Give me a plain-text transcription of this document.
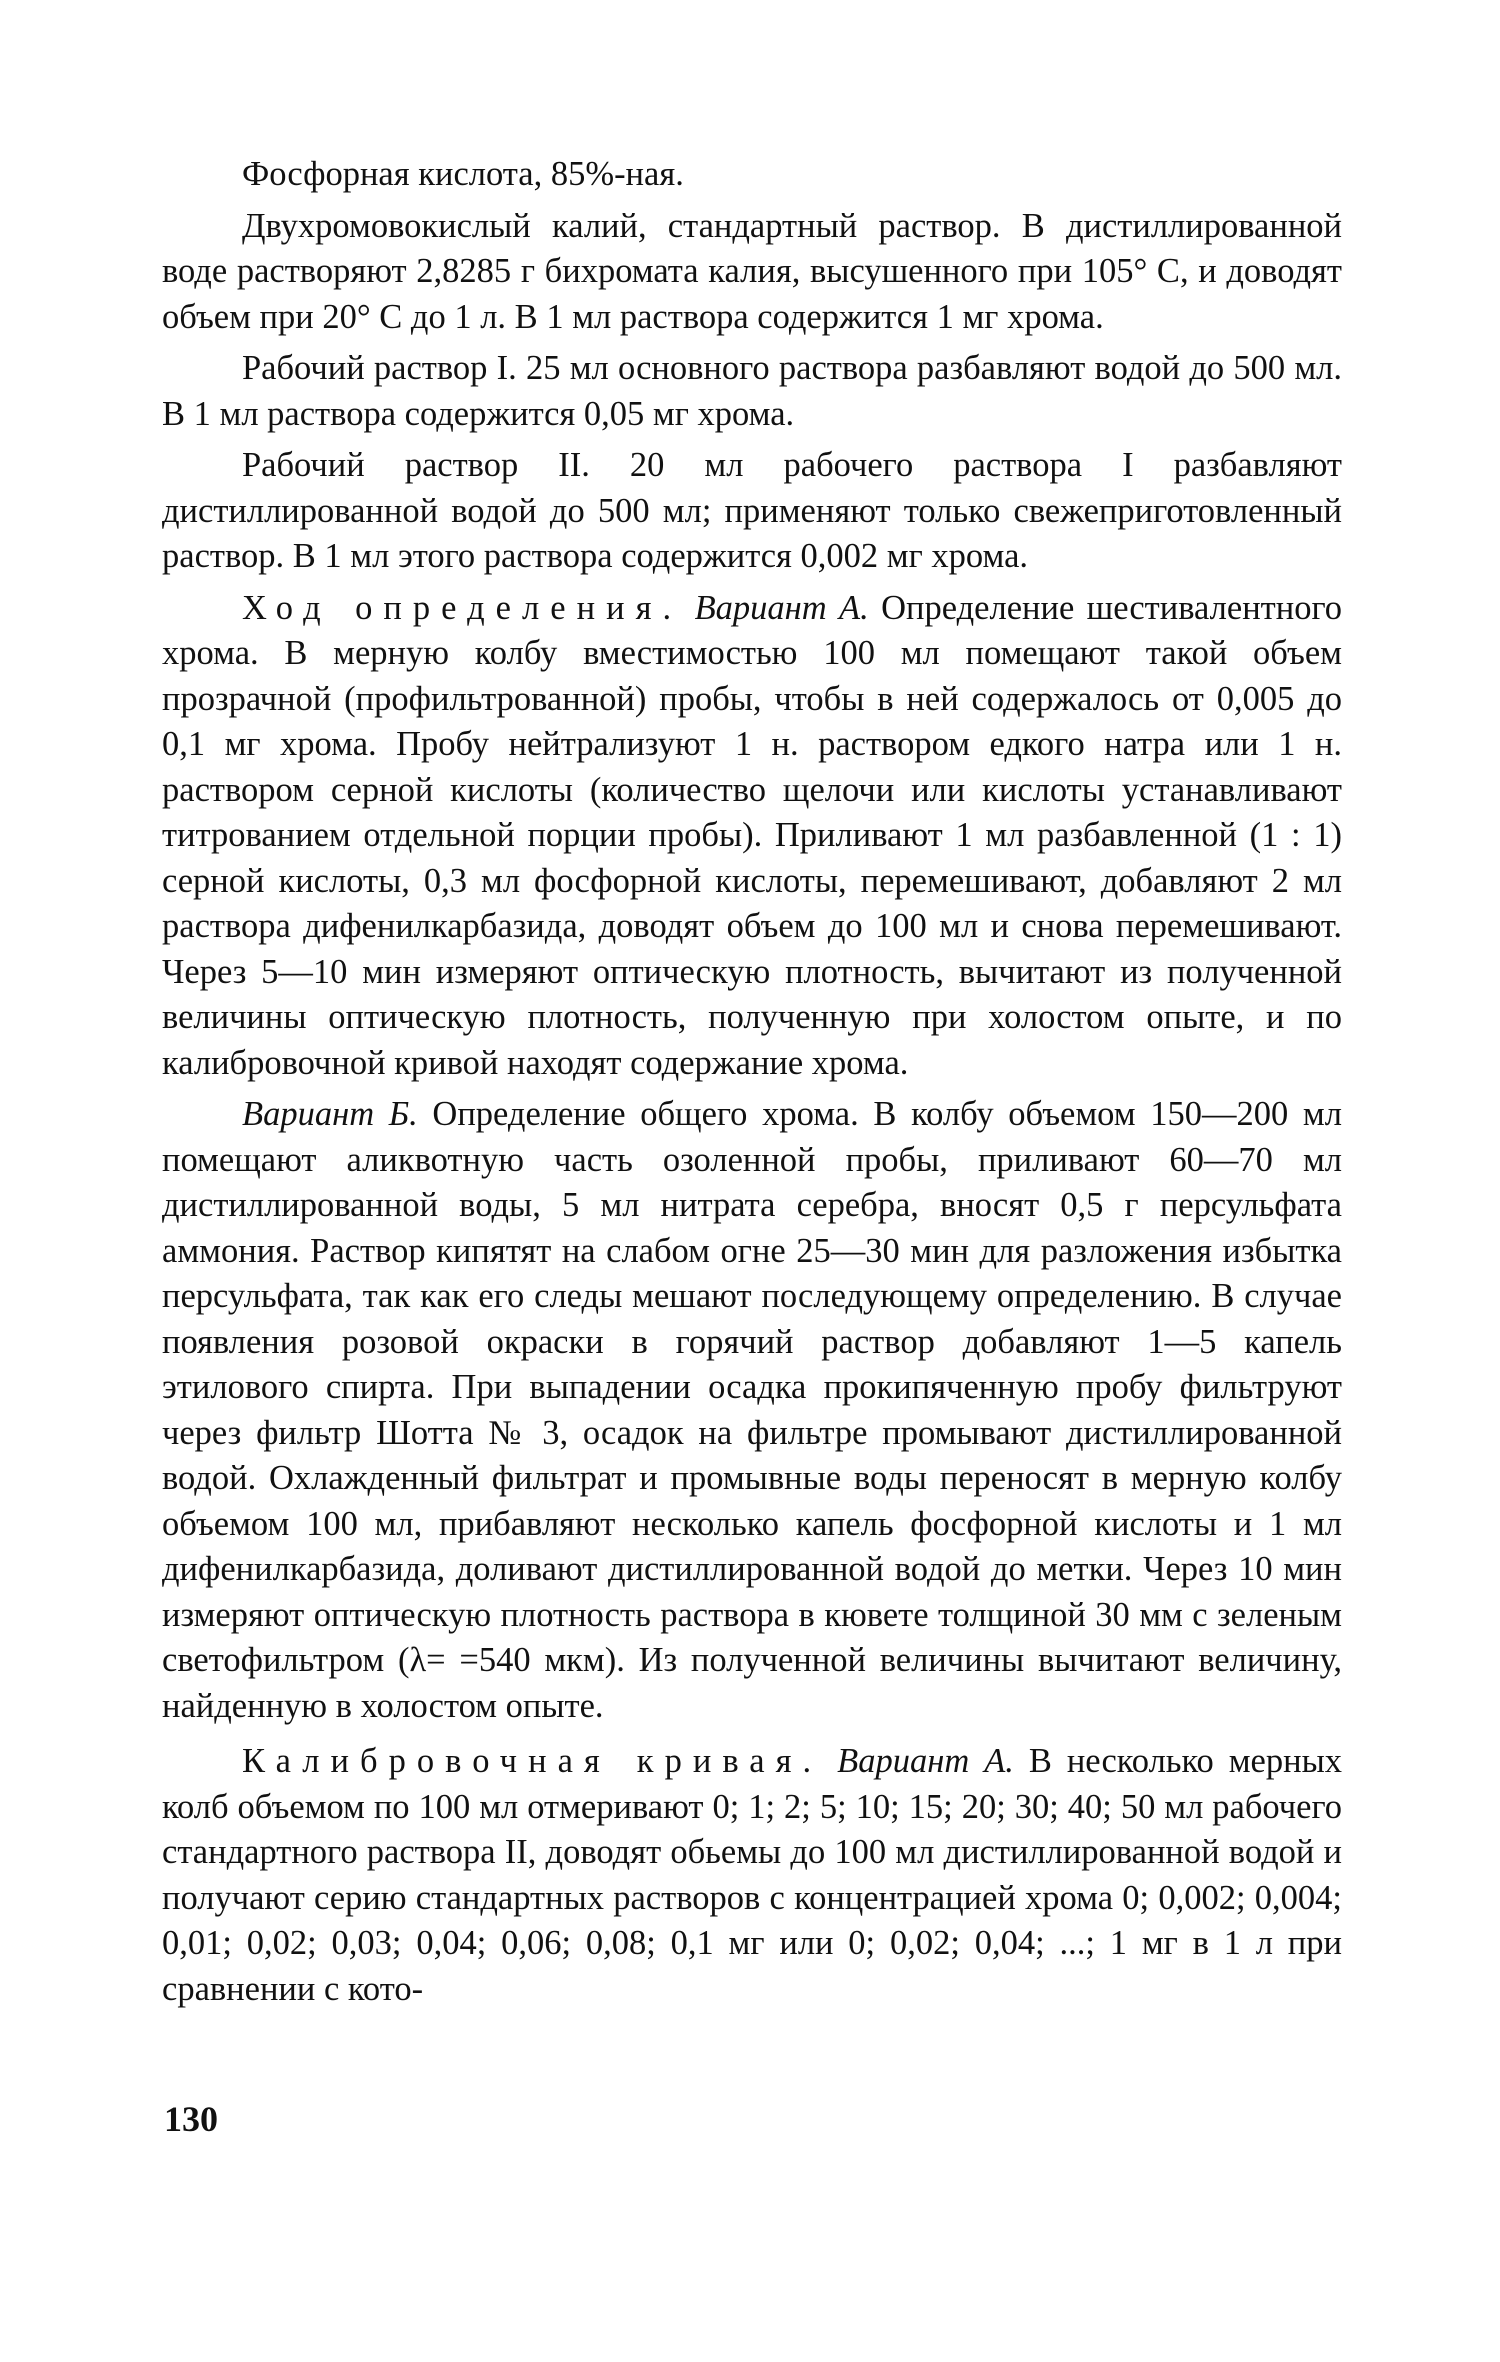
Фосфорная кислота, 85%-ная.

Двухромовокислый калий, стандартный раствор. В дистиллированной воде растворяют 2,8285 г бихромата калия, высушенного при 105° С, и доводят объем при 20° С до 1 л. В 1 мл раствора содержится 1 мг хрома.

Рабочий раствор I. 25 мл основного раствора разбавляют водой до 500 мл. В 1 мл раствора содержится 0,05 мг хрома.

Рабочий раствор II. 20 мл рабочего раствора I разбавляют дистиллированной водой до 500 мл; применяют только свежеприготовленный раствор. В 1 мл этого раствора содержится 0,002 мг хрома.

Ход определения. Вариант А. Определение шестивалентного хрома. В мерную колбу вместимостью 100 мл помещают такой объем прозрачной (профильтрованной) пробы, чтобы в ней содержалось от 0,005 до 0,1 мг хрома. Пробу нейтрализуют 1 н. раствором едкого натра или 1 н. раствором серной кислоты (количество щелочи или кислоты устанавливают титрованием отдельной порции пробы). Приливают 1 мл разбавленной (1 : 1) серной кислоты, 0,3 мл фосфорной кислоты, перемешивают, добавляют 2 мл раствора дифенилкарбазида, доводят объем до 100 мл и снова перемешивают. Через 5—10 мин измеряют оптическую плотность, вычитают из полученной величины оптическую плотность, полученную при холостом опыте, и по калибровочной кривой находят содержание хрома.

Вариант Б. Определение общего хрома. В колбу объемом 150—200 мл помещают аликвотную часть озоленной пробы, приливают 60—70 мл дистиллированной воды, 5 мл нитрата серебра, вносят 0,5 г персульфата аммония. Раствор кипятят на слабом огне 25—30 мин для разложения избытка персульфата, так как его следы мешают последующему определению. В случае появления розовой окраски в горячий раствор добавляют 1—5 капель этилового спирта. При выпадении осадка прокипяченную пробу фильтруют через фильтр Шотта № 3, осадок на фильтре промывают дистиллированной водой. Охлажденный фильтрат и промывные воды переносят в мерную колбу объемом 100 мл, прибавляют несколько капель фосфорной кислоты и 1 мл дифенилкарбазида, доливают дистиллированной водой до метки. Через 10 мин измеряют оптическую плотность раствора в кювете толщиной 30 мм с зеленым светофильтром (λ= =540 мкм). Из полученной величины вычитают величину, найденную в холостом опыте.

Калибровочная кривая. Вариант А. В несколько мерных колб объемом по 100 мл отмеривают 0; 1; 2; 5; 10; 15; 20; 30; 40; 50 мл рабочего стандартного раствора II, доводят обьемы до 100 мл дистиллированной водой и получают серию стандартных растворов с концентрацией хрома 0; 0,002; 0,004; 0,01; 0,02; 0,03; 0,04; 0,06; 0,08; 0,1 мг или 0; 0,02; 0,04; ...; 1 мг в 1 л при сравнении с кото-

130
